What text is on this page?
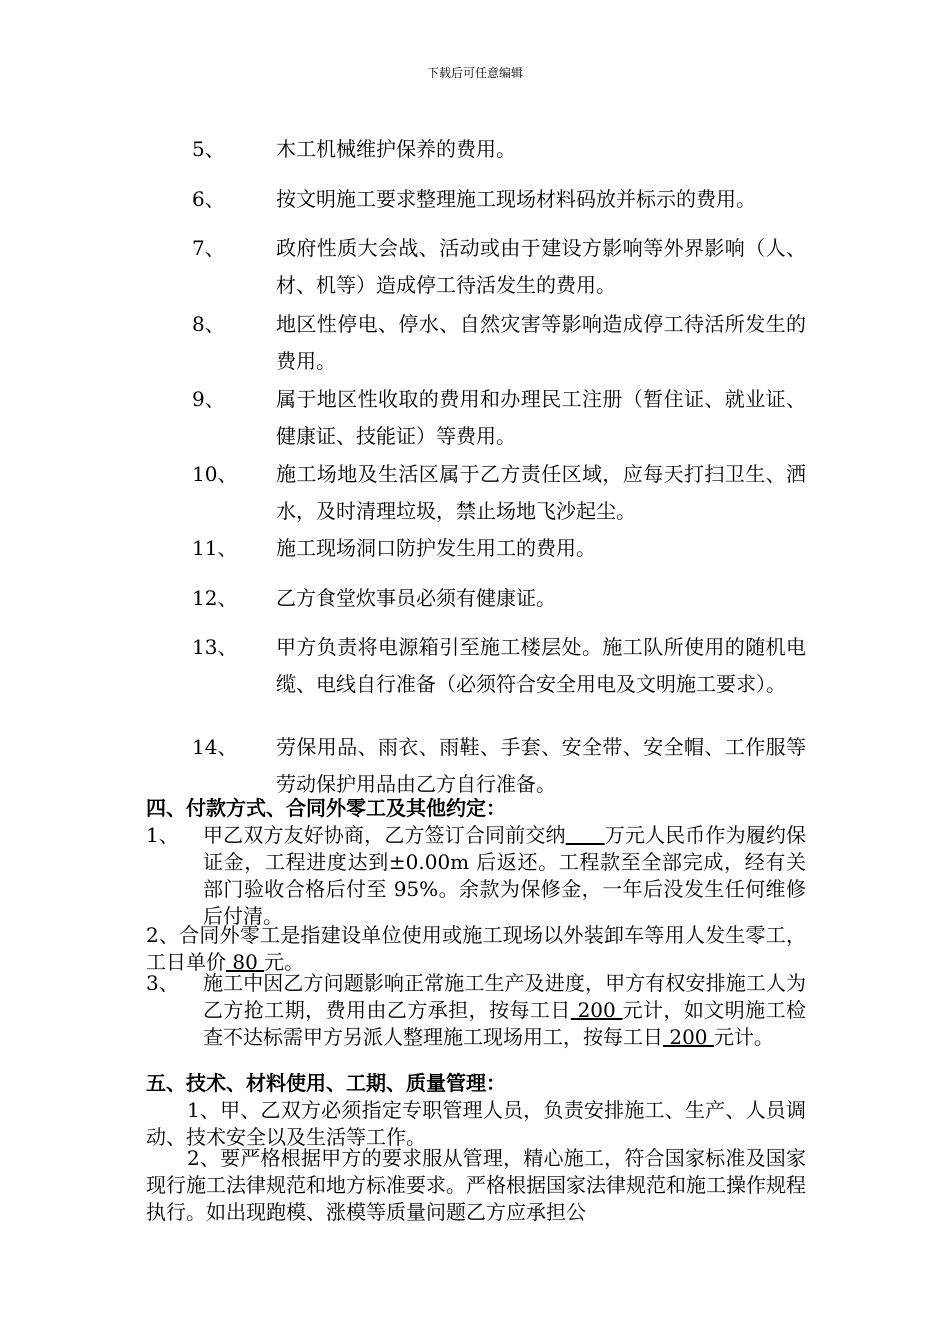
下载后可任意编辑
5、	木工机械维护保养的费用。
6、	按文明施工要求整理施工现场材料码放并标示的费用。
7、	政府性质大会战、活动或由于建设方影响等外界影响（人、材、机等）造成停工待活发生的费用。
8、	地区性停电、停水、自然灾害等影响造成停工待活所发生的费用。
9、	属于地区性收取的费用和办理民工注册（暂住证、就业证、健康证、技能证）等费用。
10、 施工场地及生活区属于乙方责任区域，应每天打扫卫生、洒水，及时清理垃圾，禁止场地飞沙起尘。
11、 施工现场洞口防护发生用工的费用。
12、 乙方食堂炊事员必须有健康证。
13、 甲方负责将电源箱引至施工楼层处。施工队所使用的随机电缆、电线自行准备（必须符合安全用电及文明施工要求）。
14、 劳保用品、雨衣、雨鞋、手套、安全带、安全帽、工作服等劳动保护用品由乙方自行准备。
四、付款方式、合同外零工及其他约定：
1、 甲乙双方友好协商，乙方签订合同前交纳 万元人民币作为履约保证金，工程进度达到±0.00m 后返还。工程款至全部完成，经有关部门验收合格后付至 95%。余款为保修金，一年后没发生任何维修后付清。
2、合同外零工是指建设单位使用或施工现场以外装卸车等用人发生零工，工日单价 80 元。
3、 施工中因乙方问题影响正常施工生产及进度，甲方有权安排施工人为乙方抢工期，费用由乙方承担，按每工日 200 元计，如文明施工检查不达标需甲方另派人整理施工现场用工，按每工日 200 元计。
五、技术、材料使用、工期、质量管理：
1、甲、乙双方必须指定专职管理人员，负责安排施工、生产、人员调动、技术安全以及生活等工作。
2、要严格根据甲方的要求服从管理，精心施工，符合国家标准及国家现行施工法律规范和地方标准要求。严格根据国家法律规范和施工操作规程执行。如出现跑模、涨模等质量问题乙方应承担公
